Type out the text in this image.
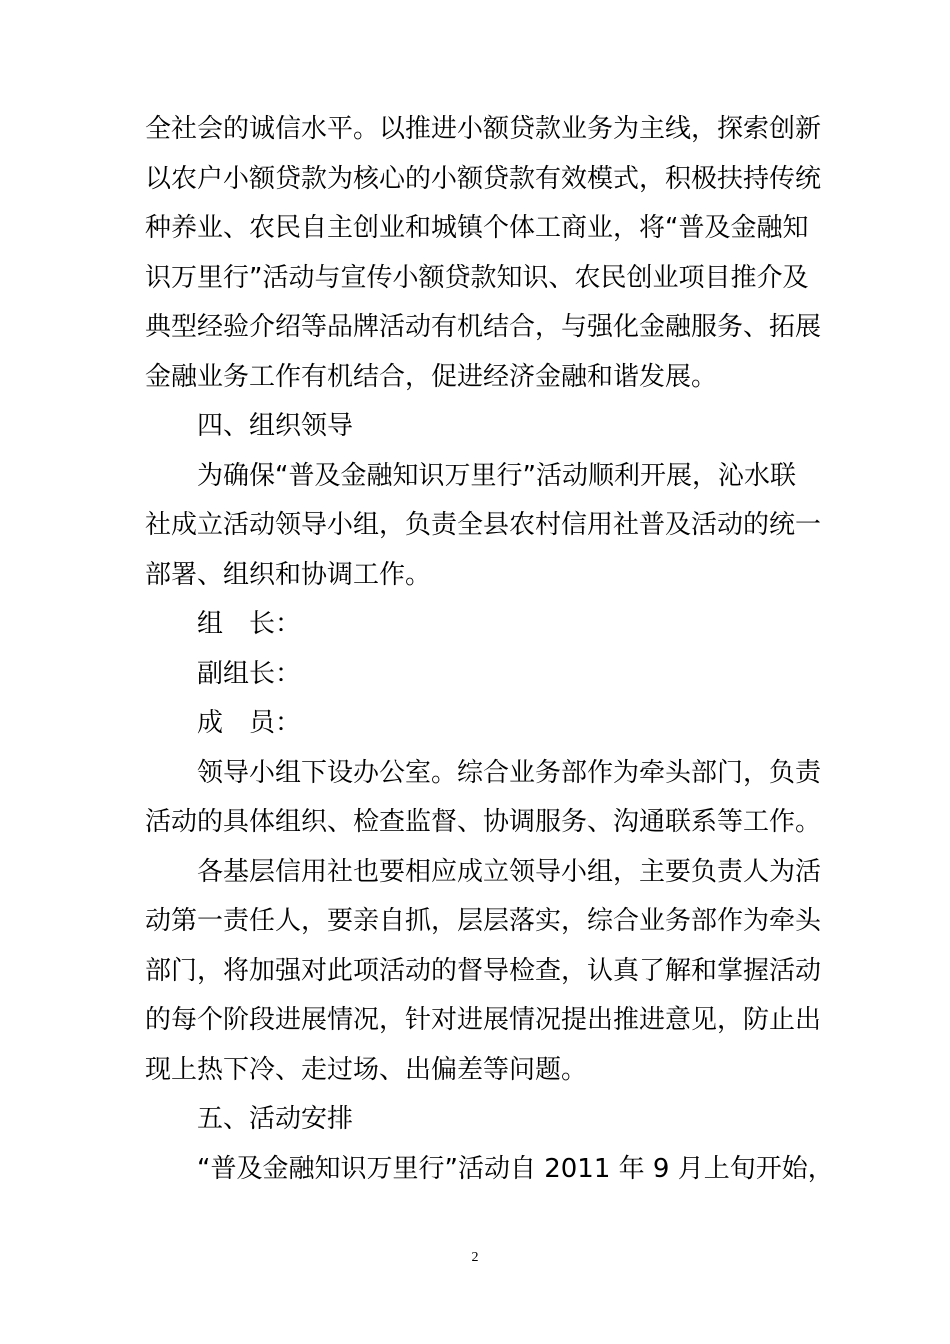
全社会的诚信水平。以推进小额贷款业务为主线，探索创新
以农户小额贷款为核心的小额贷款有效模式，积极扶持传统
种养业、农民自主创业和城镇个体工商业，将“普及金融知
识万里行”活动与宣传小额贷款知识、农民创业项目推介及
典型经验介绍等品牌活动有机结合，与强化金融服务、拓展
金融业务工作有机结合，促进经济金融和谐发展。
四、组织领导
为确保“普及金融知识万里行”活动顺利开展，沁水联
社成立活动领导小组，负责全县农村信用社普及活动的统一
部署、组织和协调工作。
组　长：
副组长：
成　员：
领导小组下设办公室。综合业务部作为牵头部门，负责
活动的具体组织、检查监督、协调服务、沟通联系等工作。
各基层信用社也要相应成立领导小组，主要负责人为活
动第一责任人，要亲自抓，层层落实，综合业务部作为牵头
部门，将加强对此项活动的督导检查，认真了解和掌握活动
的每个阶段进展情况，针对进展情况提出推进意见，防止出
现上热下冷、走过场、出偏差等问题。
五、活动安排
“普及金融知识万里行”活动自 2011 年 9 月上旬开始，
2
